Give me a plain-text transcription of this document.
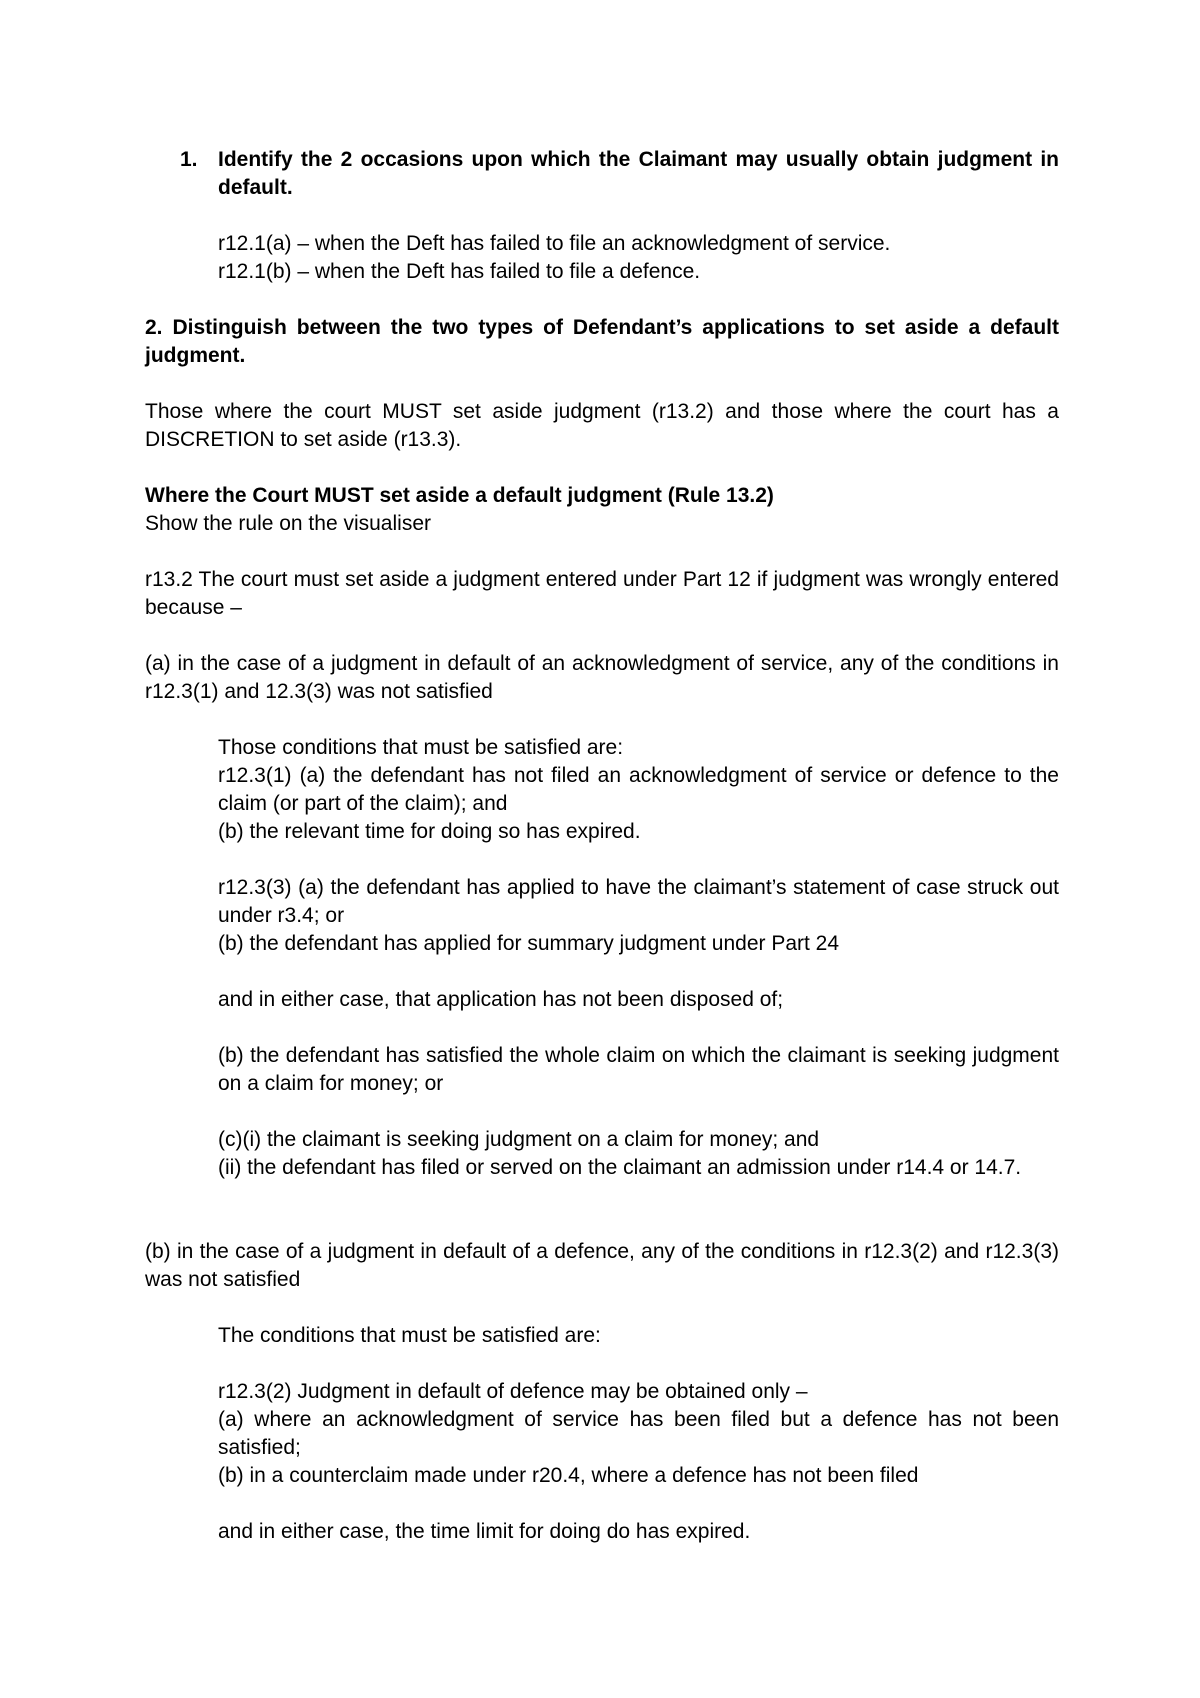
1. Identify the 2 occasions upon which the Claimant may usually obtain judgment in default.

r12.1(a) – when the Deft has failed to file an acknowledgment of service.

r12.1(b) – when the Deft has failed to file a defence.

2. Distinguish between the two types of Defendant’s applications to set aside a default judgment.

Those where the court MUST set aside judgment (r13.2) and those where the court has a DISCRETION to set aside (r13.3).

Where the Court MUST set aside a default judgment (Rule 13.2)

Show the rule on the visualiser

r13.2 The court must set aside a judgment entered under Part 12 if judgment was wrongly entered because –

(a) in the case of a judgment in default of an acknowledgment of service, any of the conditions in r12.3(1) and 12.3(3) was not satisfied

Those conditions that must be satisfied are:

r12.3(1) (a) the defendant has not filed an acknowledgment of service or defence to the claim (or part of the claim); and

(b) the relevant time for doing so has expired.

r12.3(3) (a) the defendant has applied to have the claimant’s statement of case struck out under r3.4; or

(b) the defendant has applied for summary judgment under Part 24

and in either case, that application has not been disposed of;

(b) the defendant has satisfied the whole claim on which the claimant is seeking judgment on a claim for money; or

(c)(i) the claimant is seeking judgment on a claim for money; and

(ii) the defendant has filed or served on the claimant an admission under r14.4 or 14.7.

(b) in the case of a judgment in default of a defence, any of the conditions in r12.3(2) and r12.3(3) was not satisfied

The conditions that must be satisfied are:

r12.3(2) Judgment in default of defence may be obtained only –

(a) where an acknowledgment of service has been filed but a defence has not been satisfied;

(b) in a counterclaim made under r20.4, where a defence has not been filed

and in either case, the time limit for doing do has expired.
